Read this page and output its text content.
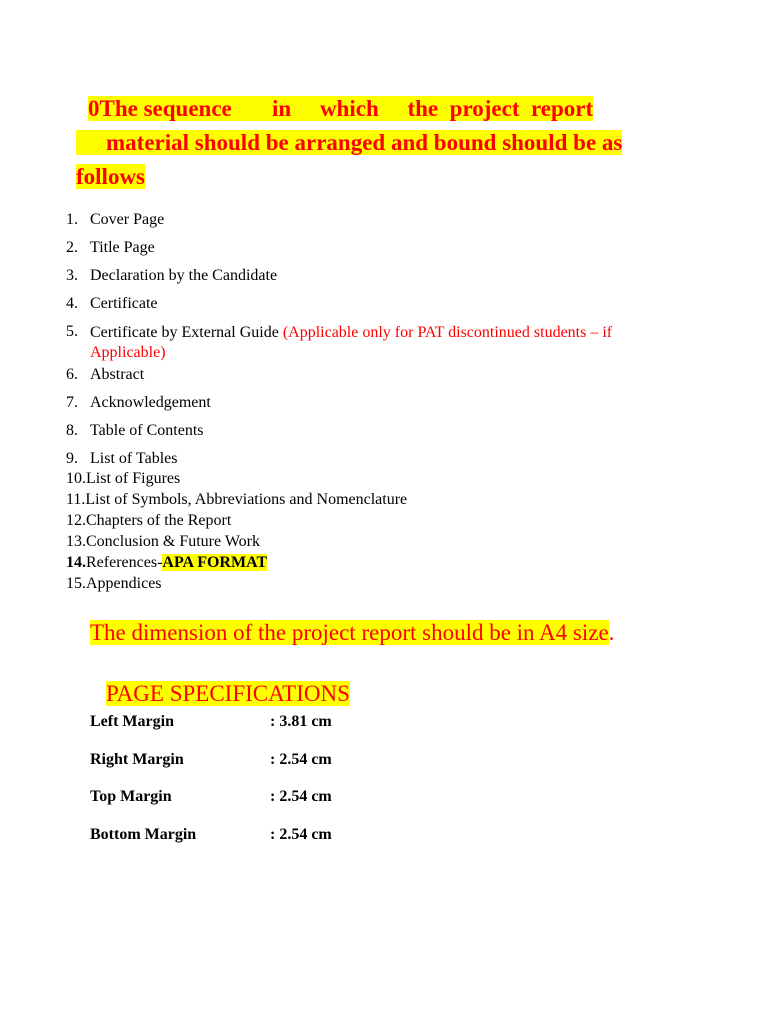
0The sequence in which the project report
material should be arranged and bound should be as
follows
1. Cover Page
2. Title Page
3. Declaration by the Candidate
4. Certificate
5. Certificate by External Guide (Applicable only for PAT discontinued students – if Applicable)
6. Abstract
7. Acknowledgement
8. Table of Contents
9. List of Tables
10. List of Figures
11. List of Symbols, Abbreviations and Nomenclature
12. Chapters of the Report
13. Conclusion & Future Work
14. References-APA FORMAT
15. Appendices
The dimension of the project report should be in A4 size.
PAGE SPECIFICATIONS
Left Margin	: 3.81 cm
Right Margin	: 2.54 cm
Top Margin	: 2.54 cm
Bottom Margin	: 2.54 cm
